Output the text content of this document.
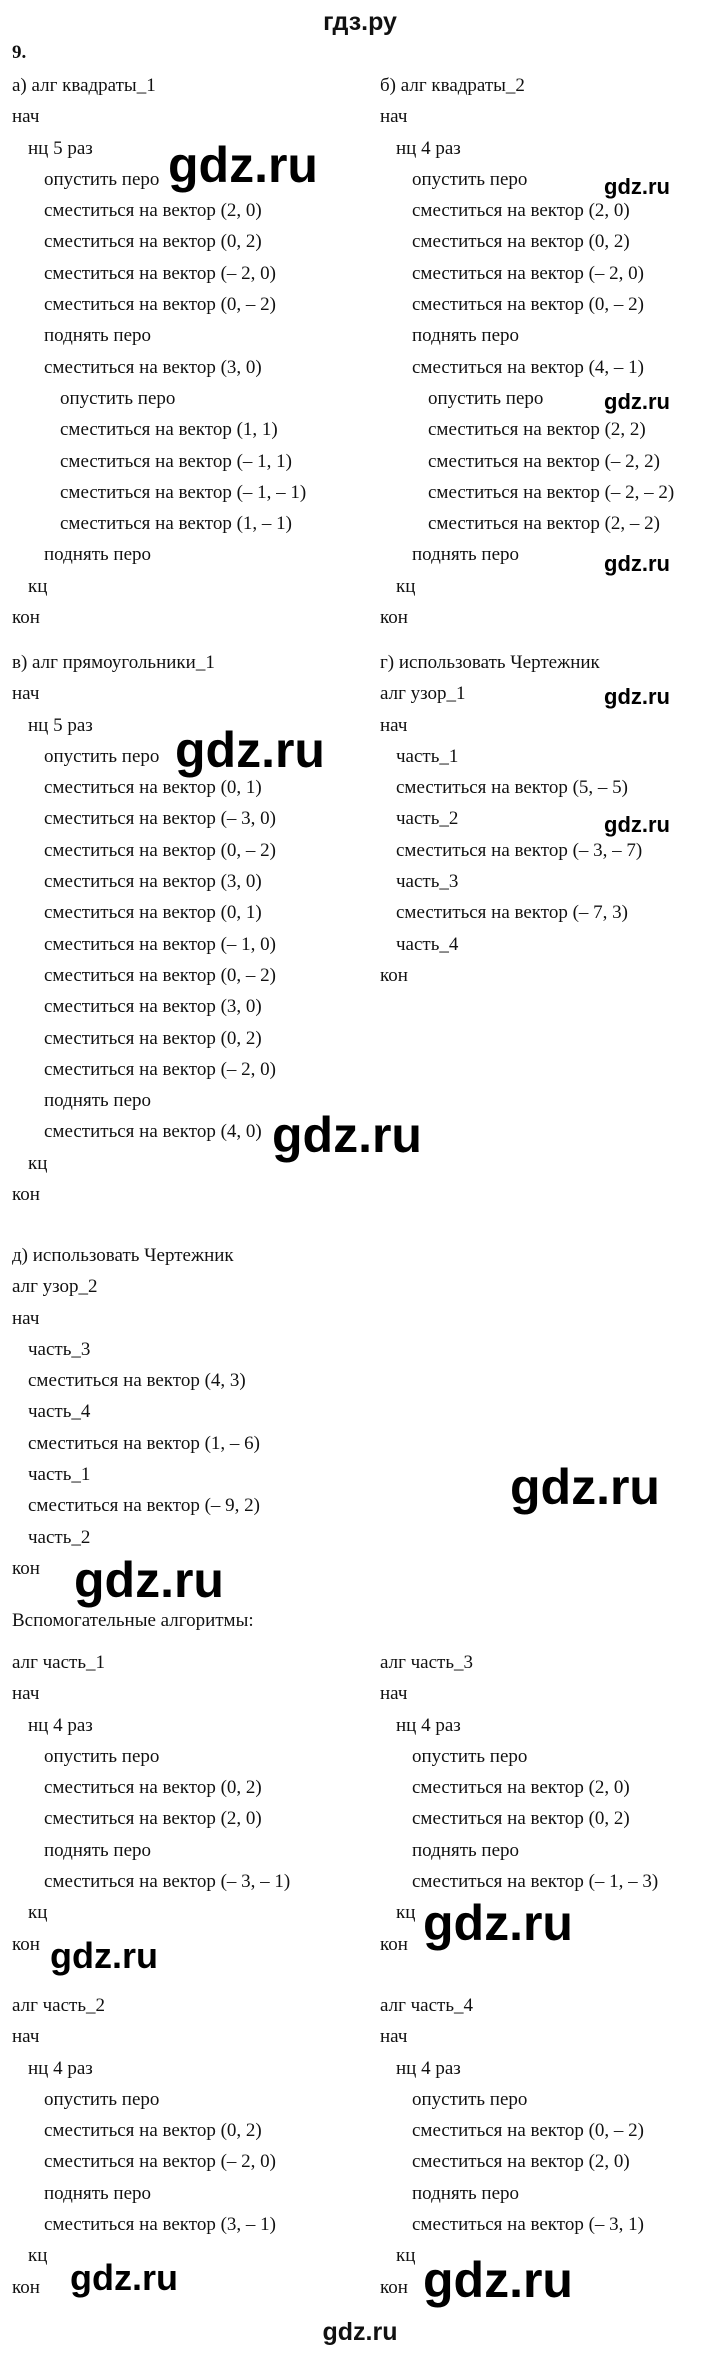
гдз.ру
9.
а) алг квадраты_1
нач
нц 5 раз
опустить перо
сместиться на вектор (2, 0)
сместиться на вектор (0, 2)
сместиться на вектор (– 2, 0)
сместиться на вектор (0, – 2)
поднять перо
сместиться на вектор (3, 0)
опустить перо
сместиться на вектор (1, 1)
сместиться на вектор (– 1, 1)
сместиться на вектор (– 1, – 1)
сместиться на вектор (1, – 1)
поднять перо
кц
кон
б) алг квадраты_2
нач
нц 4 раз
опустить перо
сместиться на вектор (2, 0)
сместиться на вектор (0, 2)
сместиться на вектор (– 2, 0)
сместиться на вектор (0, – 2)
поднять перо
сместиться на вектор (4, – 1)
опустить перо
сместиться на вектор (2, 2)
сместиться на вектор (– 2, 2)
сместиться на вектор (– 2, – 2)
сместиться на вектор (2, – 2)
поднять перо
кц
кон
в) алг прямоугольники_1
нач
нц 5 раз
опустить перо
сместиться на вектор (0, 1)
сместиться на вектор (– 3, 0)
сместиться на вектор (0, – 2)
сместиться на вектор (3, 0)
сместиться на вектор (0, 1)
сместиться на вектор (– 1, 0)
сместиться на вектор (0, – 2)
сместиться на вектор (3, 0)
сместиться на вектор (0, 2)
сместиться на вектор (– 2, 0)
поднять перо
сместиться на вектор (4, 0)
кц
кон
г) использовать Чертежник
алг узор_1
нач
часть_1
сместиться на вектор (5, – 5)
часть_2
сместиться на вектор (– 3, – 7)
часть_3
сместиться на вектор (– 7, 3)
часть_4
кон
д) использовать Чертежник
алг узор_2
нач
часть_3
сместиться на вектор (4, 3)
часть_4
сместиться на вектор (1, – 6)
часть_1
сместиться на вектор (– 9, 2)
часть_2
кон
Вспомогательные алгоритмы:
алг часть_1
нач
нц 4 раз
опустить перо
сместиться на вектор (0, 2)
сместиться на вектор (2, 0)
поднять перо
сместиться на вектор (– 3, – 1)
кц
кон
алг часть_3
нач
нц 4 раз
опустить перо
сместиться на вектор (2, 0)
сместиться на вектор (0, 2)
поднять перо
сместиться на вектор (– 1, – 3)
кц
кон
алг часть_2
нач
нц 4 раз
опустить перо
сместиться на вектор (0, 2)
сместиться на вектор (– 2, 0)
поднять перо
сместиться на вектор (3, – 1)
кц
кон
алг часть_4
нач
нц 4 раз
опустить перо
сместиться на вектор (0, – 2)
сместиться на вектор (2, 0)
поднять перо
сместиться на вектор (– 3, 1)
кц
кон
gdz.ru	gdz.ru
gdz.ru
gdz.ru
gdz.ru
gdz.ru
gdz.ru
gdz.ru
gdz.ru
gdz.ru
gdz.ru
gdz.ru
gdz.ru	gdz.ru
gdz.ru
